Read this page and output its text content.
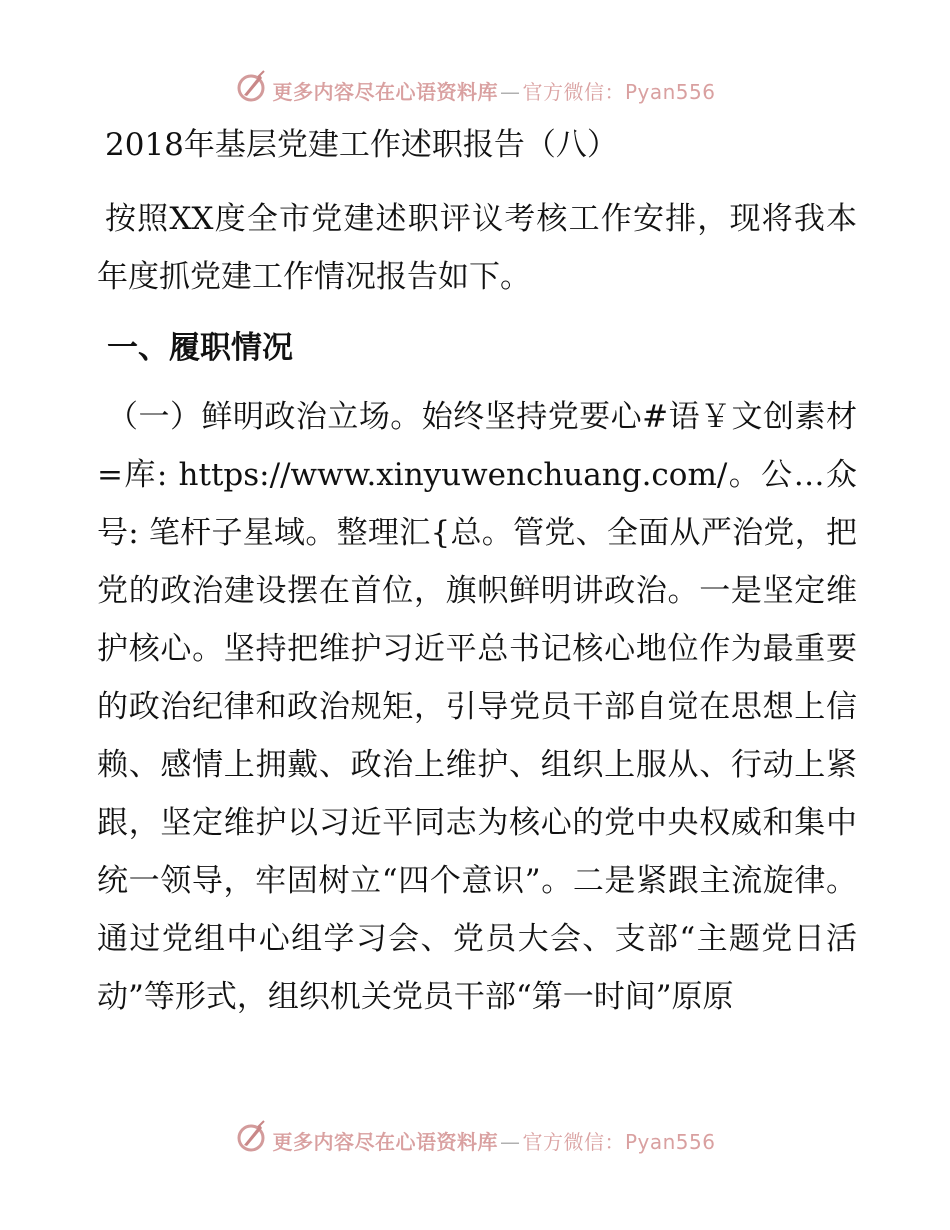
更多内容尽在心语资料库 — 官方微信：Pyan556
2018年基层党建工作述职报告（八）

按照XX度全市党建述职评议考核工作安排，现将我本年度抓党建工作情况报告如下。

一、履职情况

（一）鲜明政治立场。始终坚持党要心#语￥文创素材=库: https://www.xinyuwenchuang.com/。公…众号: 笔杆子星域。整理汇{总。管党、全面从严治党，把党的政治建设摆在首位，旗帜鲜明讲政治。一是坚定维护核心。坚持把维护习近平总书记核心地位作为最重要的政治纪律和政治规矩，引导党员干部自觉在思想上信赖、感情上拥戴、政治上维护、组织上服从、行动上紧跟，坚定维护以习近平同志为核心的党中央权威和集中统一领导，牢固树立“四个意识”。二是紧跟主流旋律。通过党组中心组学习会、党员大会、支部“主题党日活动”等形式，组织机关党员干部“第一时间”原原

更多内容尽在心语资料库 — 官方微信：Pyan556
